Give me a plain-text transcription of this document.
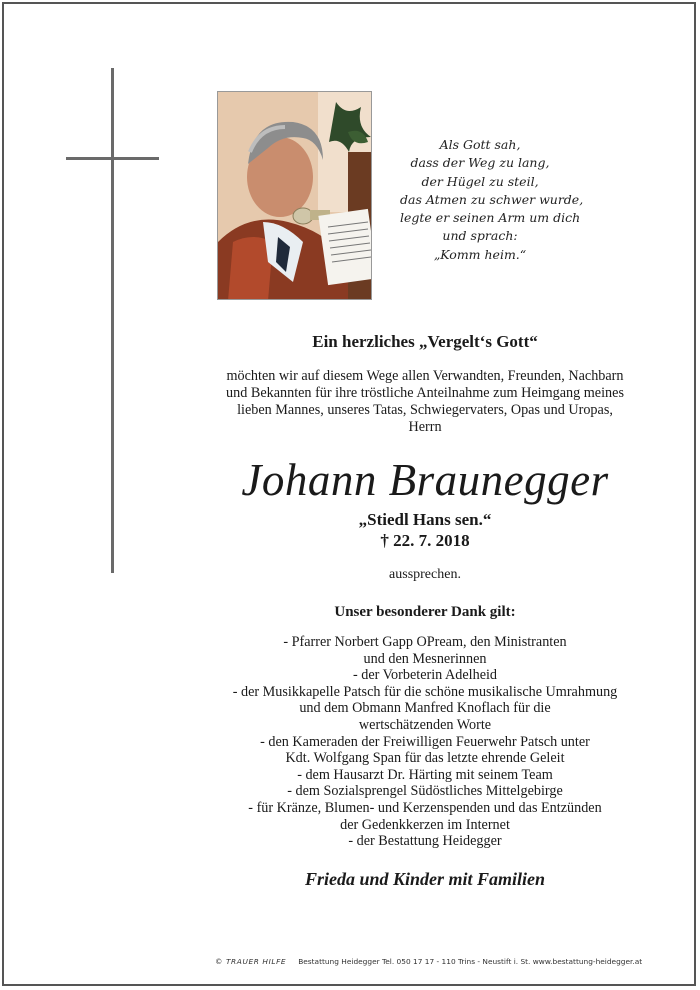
Als Gott sah,
dass der Weg zu lang,
der Hügel zu steil,
das Atmen zu schwer wurde,
legte er seinen Arm um dich
und sprach:
„Komm heim.“
Ein herzliches „Vergelt‘s Gott“
möchten wir auf diesem Wege allen Verwandten, Freunden, Nachbarn
und Bekannten für ihre tröstliche Anteilnahme zum Heimgang meines
lieben Mannes, unseres Tatas, Schwiegervaters, Opas und Uropas,
Herrn
Johann Braunegger
„Stiedl Hans sen.“
† 22. 7. 2018
aussprechen.
Unser besonderer Dank gilt:
- Pfarrer Norbert Gapp OPream, den Ministranten
und den Mesnerinnen
- der Vorbeterin Adelheid
- der Musikkapelle Patsch für die schöne musikalische Umrahmung
und dem Obmann Manfred Knoflach für die
wertschätzenden Worte
- den Kameraden der Freiwilligen Feuerwehr Patsch unter
Kdt. Wolfgang Span für das letzte ehrende Geleit
- dem Hausarzt Dr. Härting mit seinem Team
- dem Sozialsprengel Südöstliches Mittelgebirge
- für Kränze, Blumen- und Kerzenspenden und das Entzünden
der Gedenkkerzen im Internet
- der Bestattung Heidegger
Frieda und Kinder mit Familien
© TRAUER HILFE Bestattung Heidegger Tel. 050 17 17 - 110 Trins - Neustift i. St. www.bestattung-heidegger.at
